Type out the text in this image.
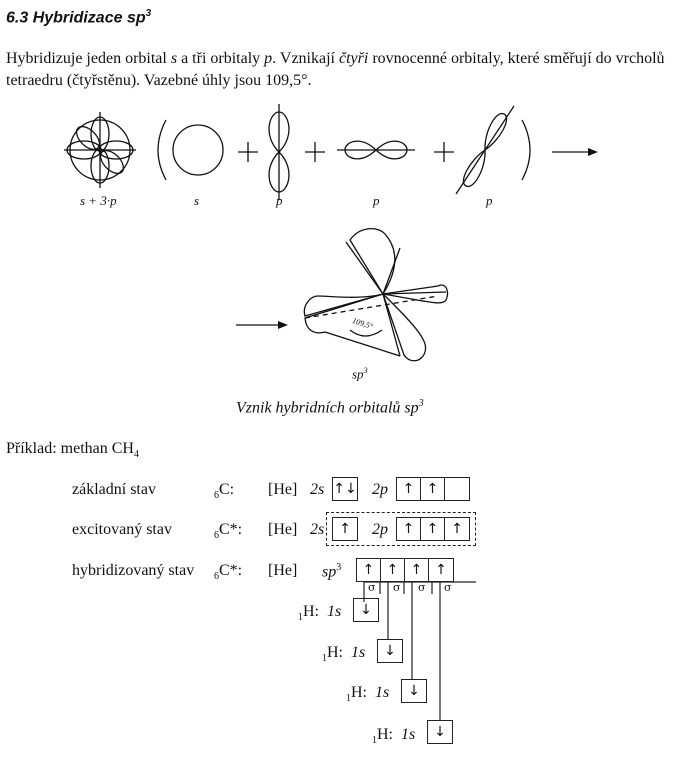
6.3 Hybridizace $sp^3$
Hybridizuje jeden orbital s a tři orbitaly p. Vznikají čtyři rovnocenné orbitaly, které směřují do vrcholů tetraedru (čtyřstěnu). Vazebné úhly jsou 109,5°.
s + 3·p	s	p	p	p
109,5°
$sp^3$
Vznik hybridních orbitalů $sp^3$
Příklad: methan $CH_4$
základní stav	$_6$C: [He] 2s ↑↓ 2p	↑ ↑
excitovaný stav	$_6$C*: [He] 2s	↑	2p	↑ ↑ ↑
hybridizovaný stav $_6$C*: [He] $sp^3$	↑ ↑ ↑ ↑
σ σ σ σ
$_1$H: 1s	↓
$_1$H: 1s	↓
$_1$H: 1s	↓
$_1$H: 1s	↓
